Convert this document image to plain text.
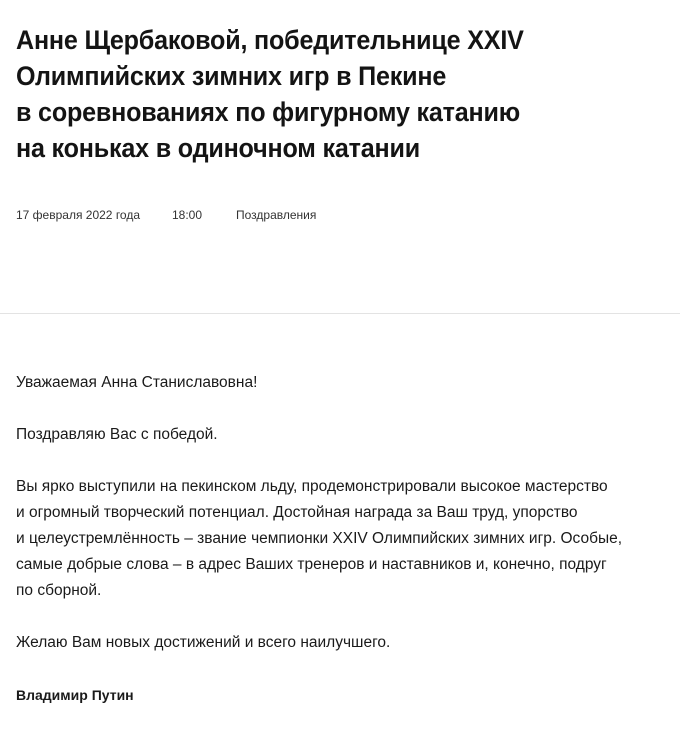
Анне Щербаковой, победительнице XXIV
Олимпийских зимних игр в Пекине
в соревнованиях по фигурному катанию
на коньках в одиночном катании
17 февраля 2022 года	18:00	Поздравления

Уважаемая Анна Станиславовна!

Поздравляю Вас с победой.

Вы ярко выступили на пекинском льду, продемонстрировали высокое мастерство
и огромный творческий потенциал. Достойная награда за Ваш труд, упорство
и целеустремлённость – звание чемпионки XXIV Олимпийских зимних игр. Особые,
самые добрые слова – в адрес Ваших тренеров и наставников и, конечно, подруг
по сборной.

Желаю Вам новых достижений и всего наилучшего.

Владимир Путин
